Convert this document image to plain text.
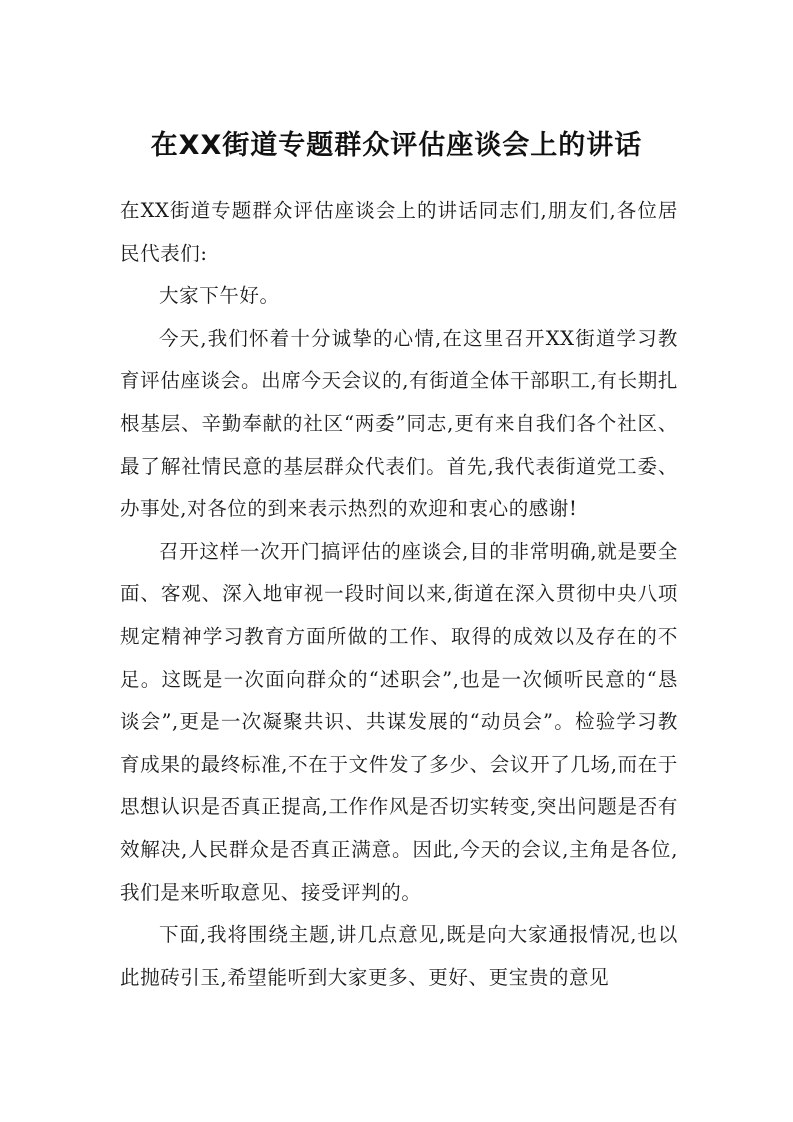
在XX街道专题群众评估座谈会上的讲话

在XX街道专题群众评估座谈会上的讲话同志们,朋友们,各位居民代表们:

大家下午好。

今天,我们怀着十分诚挚的心情,在这里召开XX街道学习教育评估座谈会。出席今天会议的,有街道全体干部职工,有长期扎根基层、辛勤奉献的社区“两委”同志,更有来自我们各个社区、最了解社情民意的基层群众代表们。首先,我代表街道党工委、办事处,对各位的到来表示热烈的欢迎和衷心的感谢!

召开这样一次开门搞评估的座谈会,目的非常明确,就是要全面、客观、深入地审视一段时间以来,街道在深入贯彻中央八项规定精神学习教育方面所做的工作、取得的成效以及存在的不足。这既是一次面向群众的“述职会”,也是一次倾听民意的“恳谈会”,更是一次凝聚共识、共谋发展的“动员会”。检验学习教育成果的最终标准,不在于文件发了多少、会议开了几场,而在于思想认识是否真正提高,工作作风是否切实转变,突出问题是否有效解决,人民群众是否真正满意。因此,今天的会议,主角是各位,我们是来听取意见、接受评判的。

下面,我将围绕主题,讲几点意见,既是向大家通报情况,也以此抛砖引玉,希望能听到大家更多、更好、更宝贵的意见
